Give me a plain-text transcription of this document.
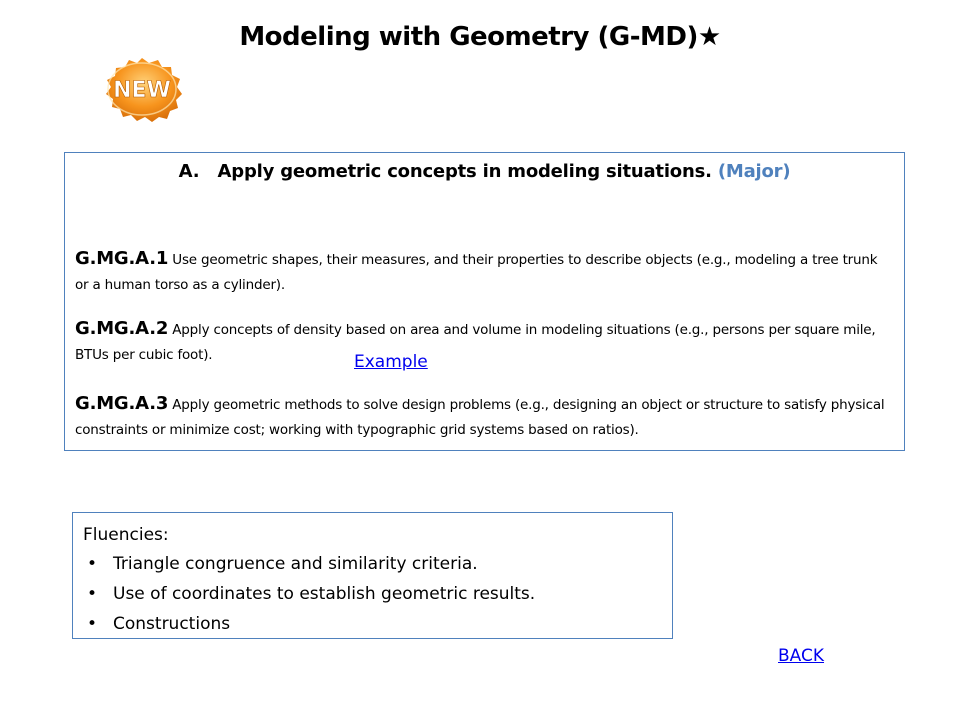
Modeling with Geometry (G-MD)★
NEW
A. Apply geometric concepts in modeling situations. (Major)
G.MG.A.1 Use geometric shapes, their measures, and their properties to describe objects (e.g., modeling a tree trunk or a human torso as a cylinder).
G.MG.A.2 Apply concepts of density based on area and volume in modeling situations (e.g., persons per square mile, BTUs per cubic foot).
G.MG.A.3 Apply geometric methods to solve design problems (e.g., designing an object or structure to satisfy physical constraints or minimize cost; working with typographic grid systems based on ratios).
Example
Fluencies:
• Triangle congruence and similarity criteria.
• Use of coordinates to establish geometric results.
• Constructions
BACK
